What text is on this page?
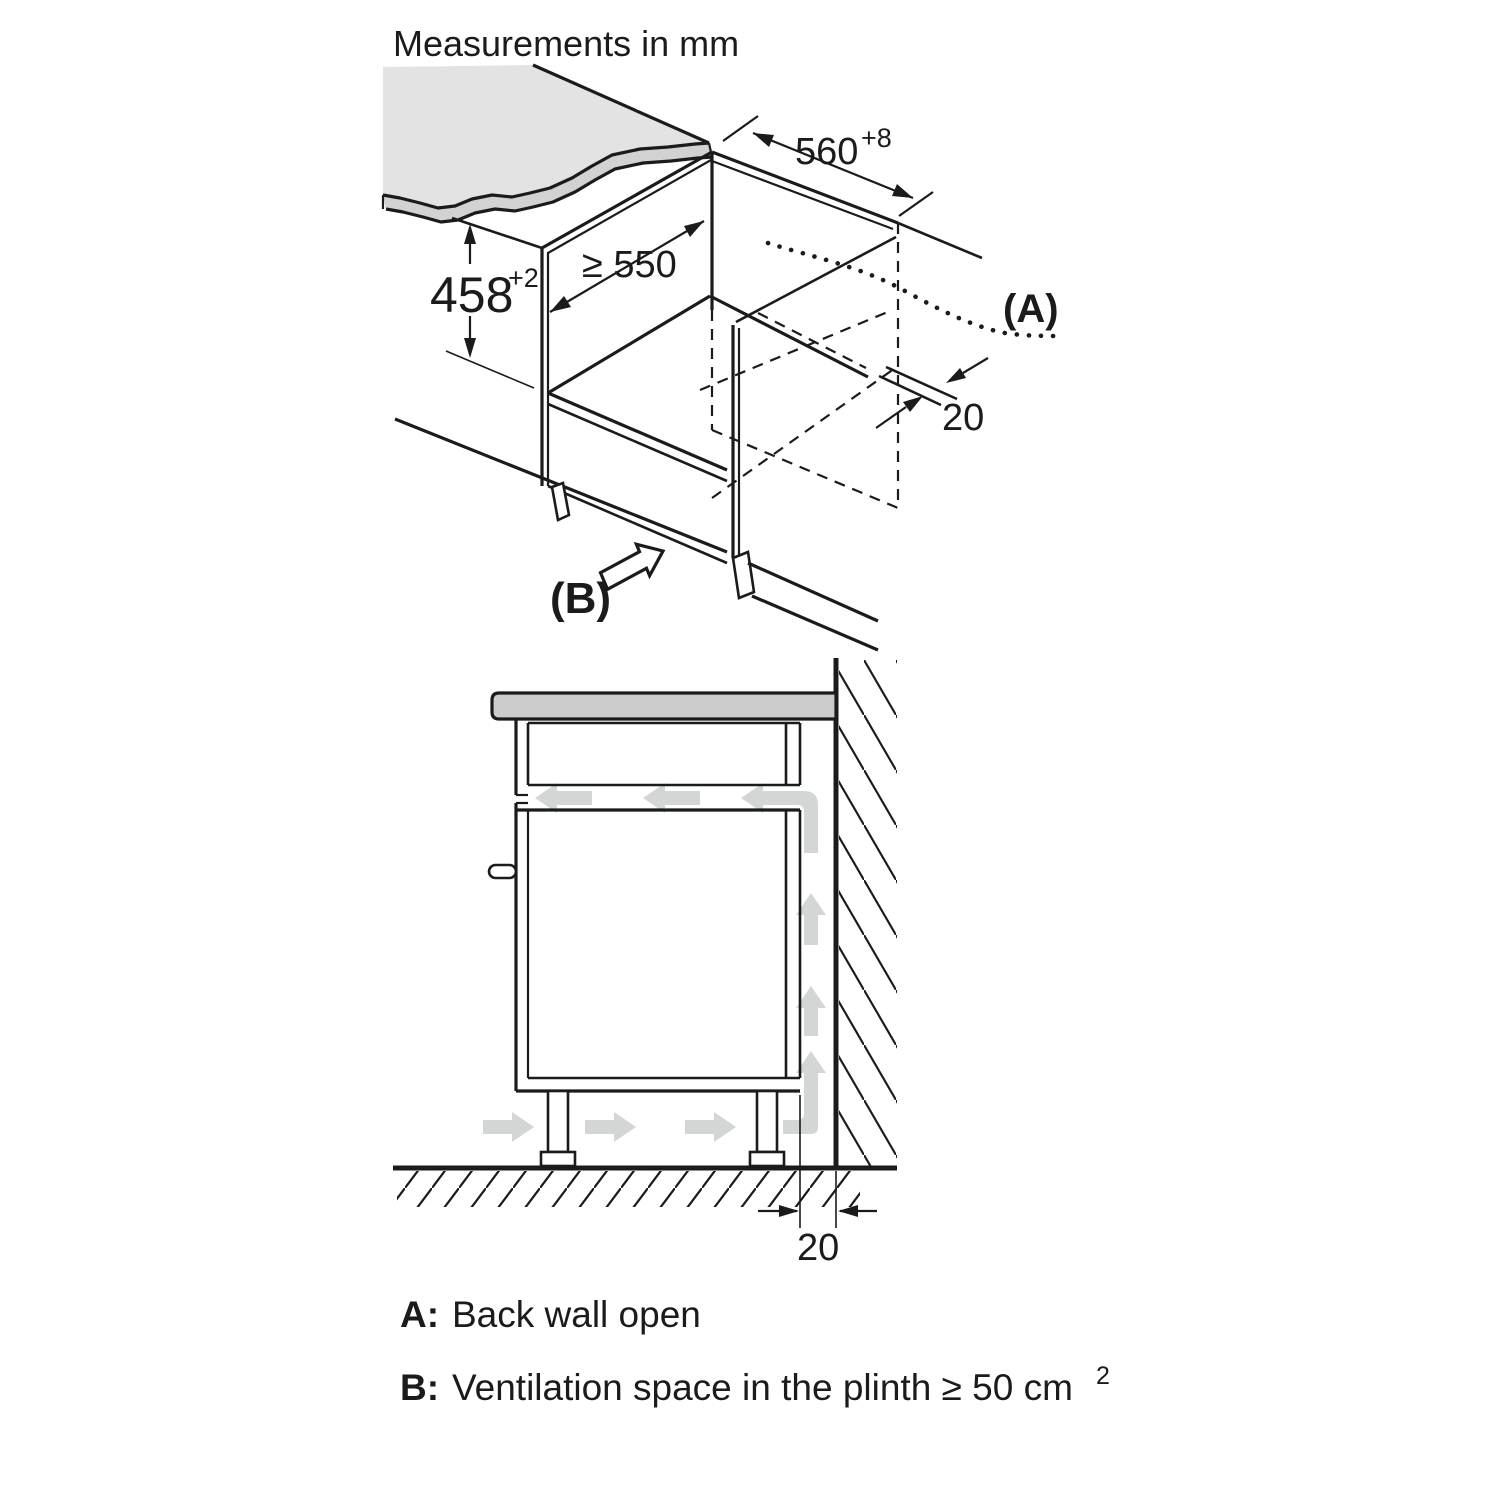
Measurements in mm
560 +8
≥ 550
458
+2
20
(A)
(B)
20
A: Back wall open
B: Ventilation space in the plinth ≥ 50 cm 2
